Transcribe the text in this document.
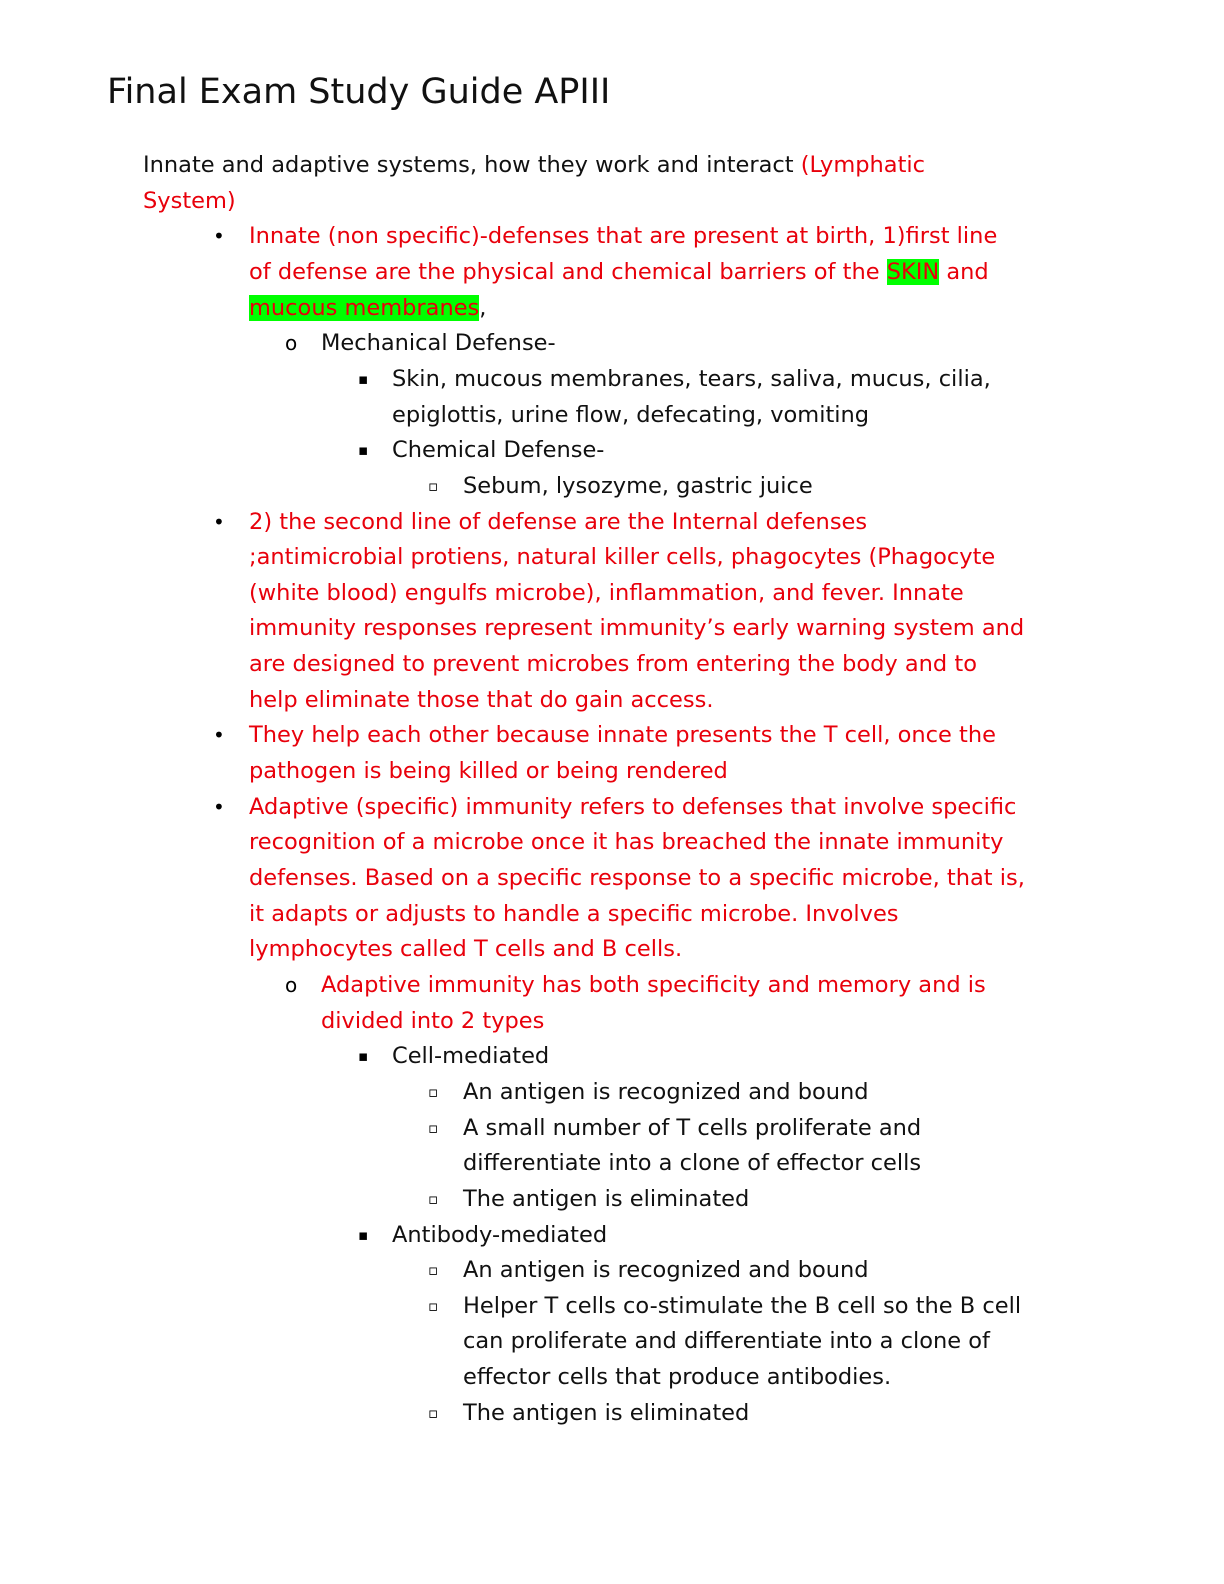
Final Exam Study Guide APIII
Innate and adaptive systems, how they work and interact (Lymphatic
System)
• Innate (non specific)-defenses that are present at birth, 1)first line
of defense are the physical and chemical barriers of the SKIN and
mucous membranes,
o Mechanical Defense-
▪ Skin, mucous membranes, tears, saliva, mucus, cilia,
epiglottis, urine flow, defecating, vomiting
▪ Chemical Defense-
▫ Sebum, lysozyme, gastric juice
• 2) the second line of defense are the Internal defenses
;antimicrobial protiens, natural killer cells, phagocytes (Phagocyte
(white blood) engulfs microbe), inflammation, and fever. Innate
immunity responses represent immunity’s early warning system and
are designed to prevent microbes from entering the body and to
help eliminate those that do gain access.
• They help each other because innate presents the T cell, once the
pathogen is being killed or being rendered
• Adaptive (specific) immunity refers to defenses that involve specific
recognition of a microbe once it has breached the innate immunity
defenses. Based on a specific response to a specific microbe, that is,
it adapts or adjusts to handle a specific microbe. Involves
lymphocytes called T cells and B cells.
o Adaptive immunity has both specificity and memory and is
divided into 2 types
▪ Cell-mediated
▫ An antigen is recognized and bound
▫ A small number of T cells proliferate and
differentiate into a clone of effector cells
▫ The antigen is eliminated
▪ Antibody-mediated
▫ An antigen is recognized and bound
▫ Helper T cells co-stimulate the B cell so the B cell
can proliferate and differentiate into a clone of
effector cells that produce antibodies.
▫ The antigen is eliminated
